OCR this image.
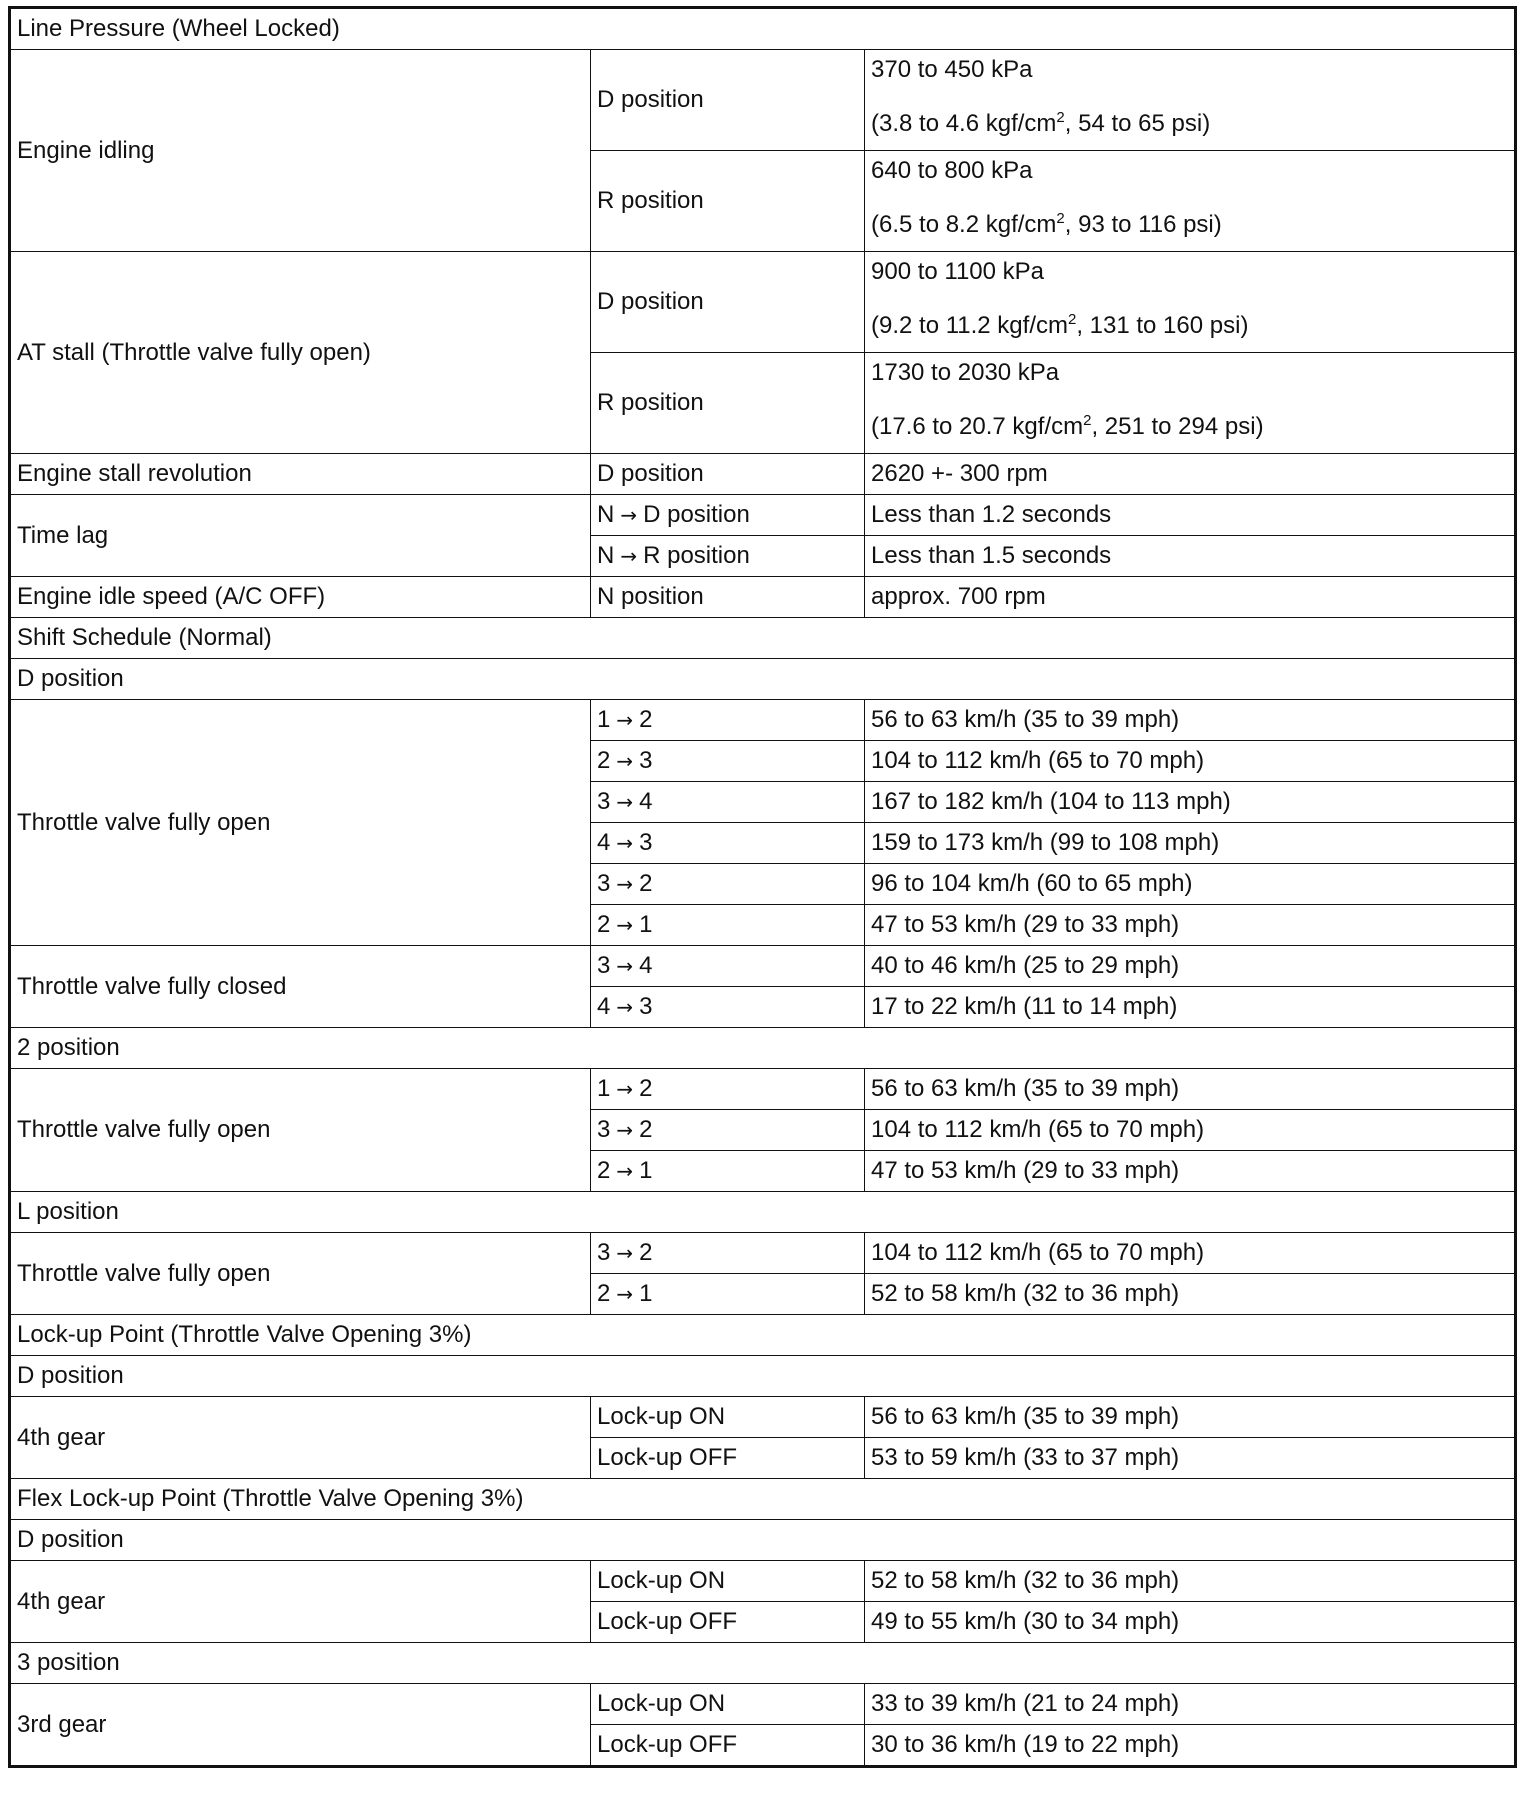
Line Pressure (Wheel Locked)		
Engine idling	D position	370 to 450 kPa
(3.8 to 4.6 kgf/$cm^2$, 54 to 65 psi)

	R position	640 to 800 kPa
(6.5 to 8.2 kgf/$cm^2$, 93 to 116 psi)

AT stall (Throttle valve fully open)	D position	900 to 1100 kPa
(9.2 to 11.2 kgf/$cm^2$, 131 to 160 psi)

	R position	1730 to 2030 kPa
(17.6 to 20.7 kgf/$cm^2$, 251 to 294 psi)

Engine stall revolution	D position	2620 +- 300 rpm
Time lag	N → D position	Less than 1.2 seconds
	N → R position	Less than 1.5 seconds
Engine idle speed (A/C OFF)	N position	approx. 700 rpm
Shift Schedule (Normal)		
D position		
Throttle valve fully open	1 → 2	56 to 63 km/h (35 to 39 mph)
	2 → 3	104 to 112 km/h (65 to 70 mph)
	3 → 4	167 to 182 km/h (104 to 113 mph)
	4 → 3	159 to 173 km/h (99 to 108 mph)
	3 → 2	96 to 104 km/h (60 to 65 mph)
	2 → 1	47 to 53 km/h (29 to 33 mph)
Throttle valve fully closed	3 → 4	40 to 46 km/h (25 to 29 mph)
	4 → 3	17 to 22 km/h (11 to 14 mph)
2 position		
Throttle valve fully open	1 → 2	56 to 63 km/h (35 to 39 mph)
	3 → 2	104 to 112 km/h (65 to 70 mph)
	2 → 1	47 to 53 km/h (29 to 33 mph)
L position		
Throttle valve fully open	3 → 2	104 to 112 km/h (65 to 70 mph)
	2 → 1	52 to 58 km/h (32 to 36 mph)
Lock-up Point (Throttle Valve Opening 3%)		
D position		
4th gear	Lock-up ON	56 to 63 km/h (35 to 39 mph)
	Lock-up OFF	53 to 59 km/h (33 to 37 mph)
Flex Lock-up Point (Throttle Valve Opening 3%)		
D position		
4th gear	Lock-up ON	52 to 58 km/h (32 to 36 mph)
	Lock-up OFF	49 to 55 km/h (30 to 34 mph)
3 position		
3rd gear	Lock-up ON	33 to 39 km/h (21 to 24 mph)
	Lock-up OFF	30 to 36 km/h (19 to 22 mph)
